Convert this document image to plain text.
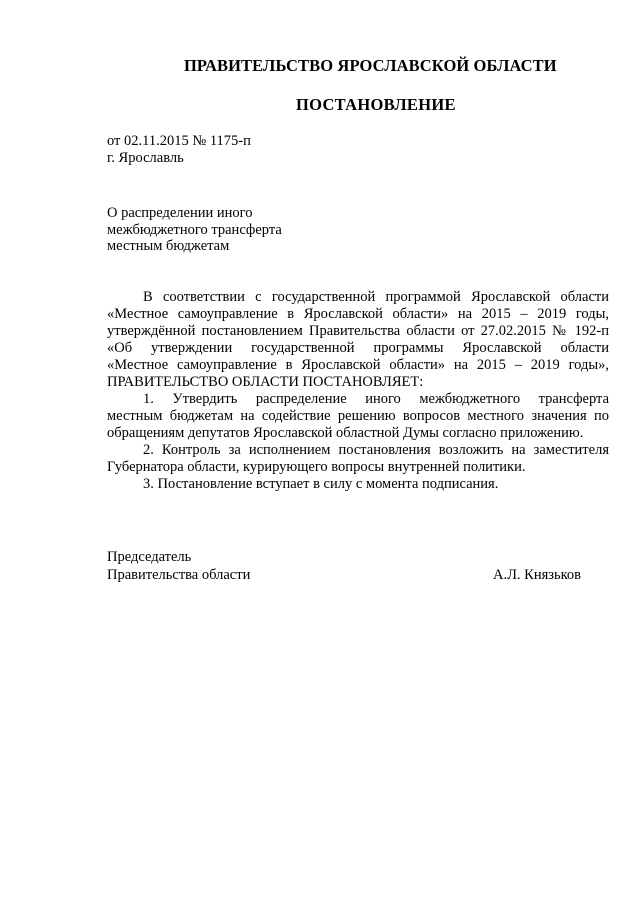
ПРАВИТЕЛЬСТВО ЯРОСЛАВСКОЙ ОБЛАСТИ
ПОСТАНОВЛЕНИЕ
от 02.11.2015 № 1175-п
г. Ярославль
О распределении иного
межбюджетного трансферта
местным бюджетам
В соответствии с государственной программой Ярославской области
«Местное самоуправление в Ярославской области» на 2015 – 2019 годы,
утверждённой постановлением Правительства области от 27.02.2015 № 192-п
«Об утверждении государственной программы Ярославской области
«Местное самоуправление в Ярославской области» на 2015 – 2019 годы»,
ПРАВИТЕЛЬСТВО ОБЛАСТИ ПОСТАНОВЛЯЕТ:
1. Утвердить распределение иного межбюджетного трансферта
местным бюджетам на содействие решению вопросов местного значения по
обращениям депутатов Ярославской областной Думы согласно приложению.
2. Контроль за исполнением постановления возложить на заместителя
Губернатора области, курирующего вопросы внутренней политики.
3. Постановление вступает в силу с момента подписания.
Председатель
Правительства области	А.Л. Князьков
